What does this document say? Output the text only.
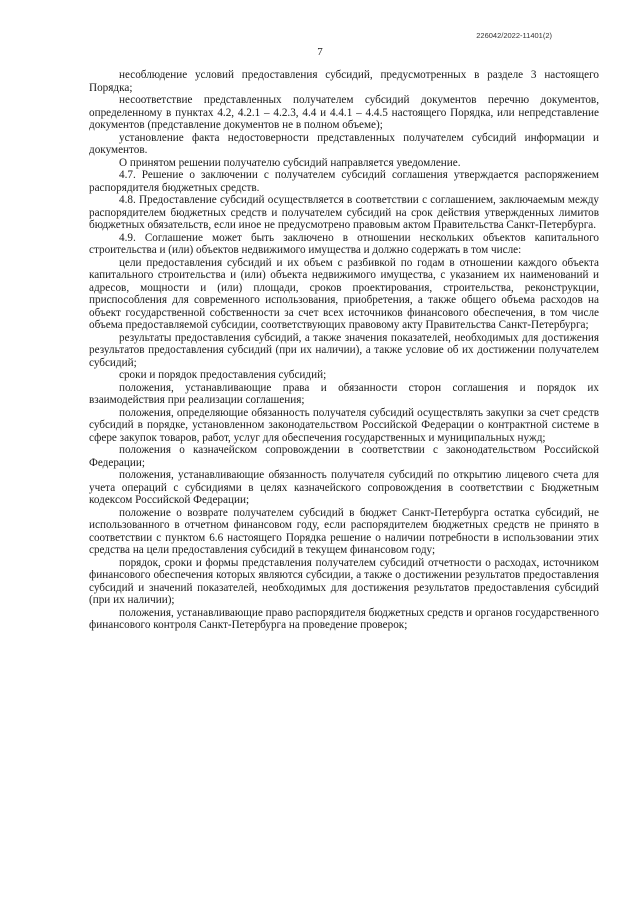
226042/2022-11401(2)
7

несоблюдение условий предоставления субсидий, предусмотренных в разделе 3 настоящего Порядка;

несоответствие представленных получателем субсидий документов перечню документов, определенному в пунктах 4.2, 4.2.1 – 4.2.3, 4.4 и 4.4.1 – 4.4.5 настоящего Порядка, или непредставление документов (представление документов не в полном объеме);

установление факта недостоверности представленных получателем субсидий информации и документов.

О принятом решении получателю субсидий направляется уведомление.

4.7. Решение о заключении с получателем субсидий соглашения утверждается распоряжением распорядителя бюджетных средств.

4.8. Предоставление субсидий осуществляется в соответствии с соглашением, заключаемым между распорядителем бюджетных средств и получателем субсидий на срок действия утвержденных лимитов бюджетных обязательств, если иное не предусмотрено правовым актом Правительства Санкт-Петербурга.

4.9. Соглашение может быть заключено в отношении нескольких объектов капитального строительства и (или) объектов недвижимого имущества и должно содержать в том числе:

цели предоставления субсидий и их объем с разбивкой по годам в отношении каждого объекта капитального строительства и (или) объекта недвижимого имущества, с указанием их наименований и адресов, мощности и (или) площади, сроков проектирования, строительства, реконструкции, приспособления для современного использования, приобретения, а также общего объема расходов на объект государственной собственности за счет всех источников финансового обеспечения, в том числе объема предоставляемой субсидии, соответствующих правовому акту Правительства Санкт-Петербурга;

результаты предоставления субсидий, а также значения показателей, необходимых для достижения результатов предоставления субсидий (при их наличии), а также условие об их достижении получателем субсидий;

сроки и порядок предоставления субсидий;

положения, устанавливающие права и обязанности сторон соглашения и порядок их взаимодействия при реализации соглашения;

положения, определяющие обязанность получателя субсидий осуществлять закупки за счет средств субсидий в порядке, установленном законодательством Российской Федерации о контрактной системе в сфере закупок товаров, работ, услуг для обеспечения государственных и муниципальных нужд;

положения о казначейском сопровождении в соответствии с законодательством Российской Федерации;

положения, устанавливающие обязанность получателя субсидий по открытию лицевого счета для учета операций с субсидиями в целях казначейского сопровождения в соответствии с Бюджетным кодексом Российской Федерации;

положение о возврате получателем субсидий в бюджет Санкт-Петербурга остатка субсидий, не использованного в отчетном финансовом году, если распорядителем бюджетных средств не принято в соответствии с пунктом 6.6 настоящего Порядка решение о наличии потребности в использовании этих средства на цели предоставления субсидий в текущем финансовом году;

порядок, сроки и формы представления получателем субсидий отчетности о расходах, источником финансового обеспечения которых являются субсидии, а также о достижении результатов предоставления субсидий и значений показателей, необходимых для достижения результатов предоставления субсидий (при их наличии);

положения, устанавливающие право распорядителя бюджетных средств и органов государственного финансового контроля Санкт-Петербурга на проведение проверок;
